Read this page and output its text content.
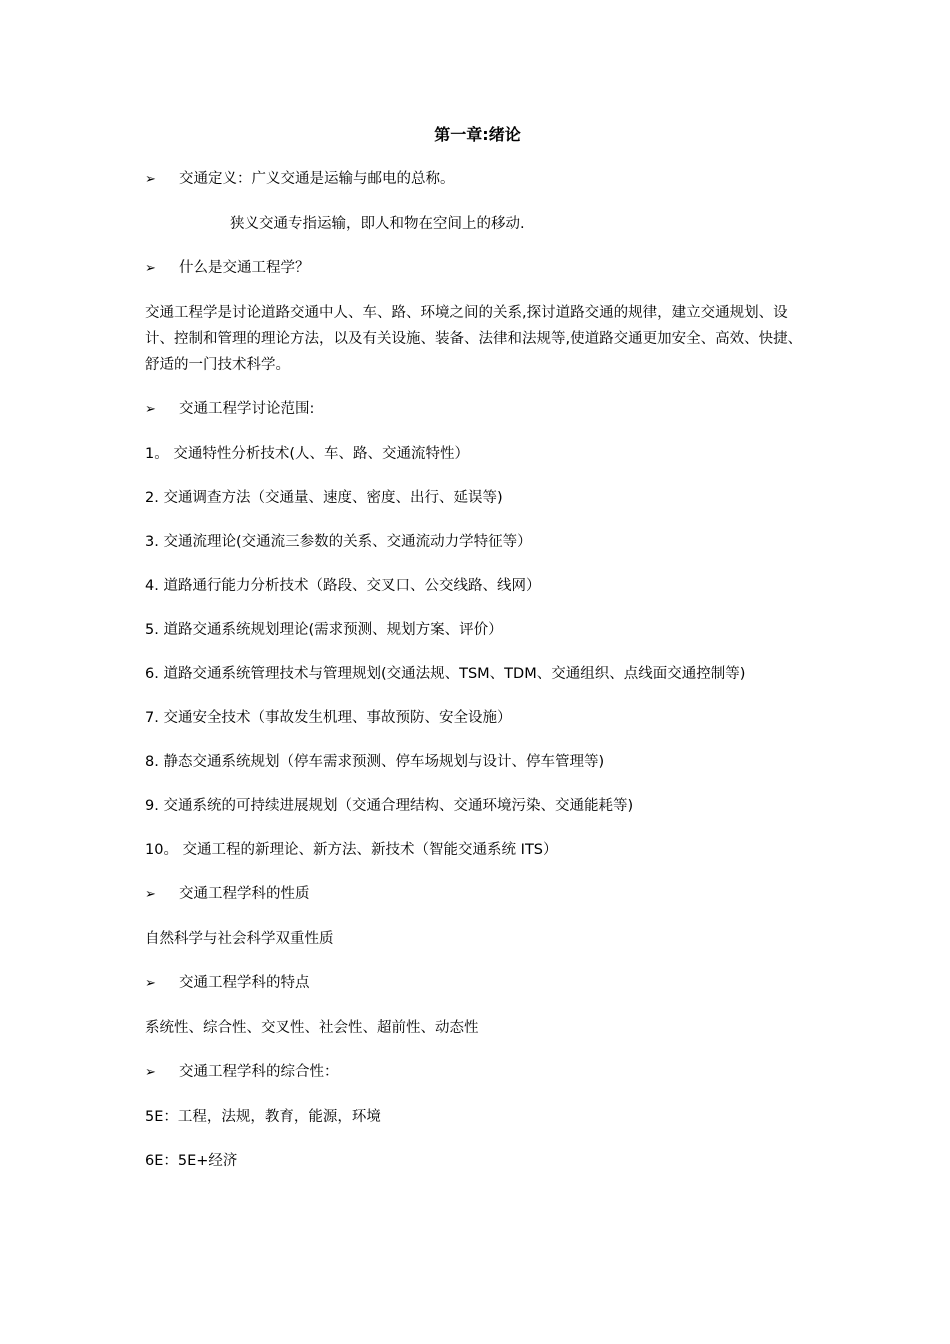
第一章:绪论
➢	交通定义：广义交通是运输与邮电的总称。
狭义交通专指运输，即人和物在空间上的移动.
➢	什么是交通工程学？
交通工程学是讨论道路交通中人、车、路、环境之间的关系,探讨道路交通的规律，建立交通规划、设计、控制和管理的理论方法，以及有关设施、装备、法律和法规等,使道路交通更加安全、高效、快捷、舒适的一门技术科学。
➢	交通工程学讨论范围:
1。 交通特性分析技术(人、车、路、交通流特性）
2. 交通调查方法（交通量、速度、密度、出行、延误等)
3. 交通流理论(交通流三参数的关系、交通流动力学特征等）
4. 道路通行能力分析技术（路段、交叉口、公交线路、线网）
5. 道路交通系统规划理论(需求预测、规划方案、评价）
6. 道路交通系统管理技术与管理规划(交通法规、TSM、TDM、交通组织、点线面交通控制等)
7. 交通安全技术（事故发生机理、事故预防、安全设施）
8. 静态交通系统规划（停车需求预测、停车场规划与设计、停车管理等)
9. 交通系统的可持续进展规划（交通合理结构、交通环境污染、交通能耗等)
10。 交通工程的新理论、新方法、新技术（智能交通系统 ITS）
➢	交通工程学科的性质
自然科学与社会科学双重性质
➢	交通工程学科的特点
系统性、综合性、交叉性、社会性、超前性、动态性
➢	交通工程学科的综合性：
5E：工程，法规，教育，能源，环境
6E：5E+经济
